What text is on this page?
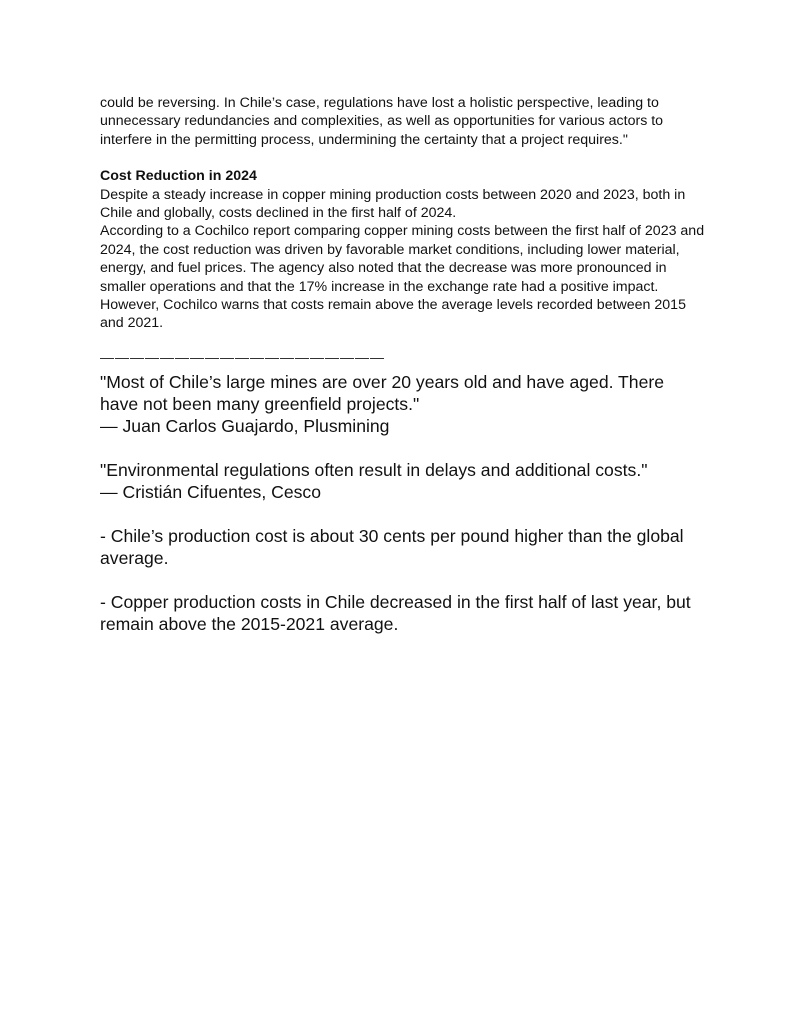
could be reversing. In Chile’s case, regulations have lost a holistic perspective, leading to unnecessary redundancies and complexities, as well as opportunities for various actors to interfere in the permitting process, undermining the certainty that a project requires."

Cost Reduction in 2024

Despite a steady increase in copper mining production costs between 2020 and 2023, both in Chile and globally, costs declined in the first half of 2024.

According to a Cochilco report comparing copper mining costs between the first half of 2023 and 2024, the cost reduction was driven by favorable market conditions, including lower material, energy, and fuel prices. The agency also noted that the decrease was more pronounced in smaller operations and that the 17% increase in the exchange rate had a positive impact.

However, Cochilco warns that costs remain above the average levels recorded between 2015 and 2021.

———————————————————

"Most of Chile’s large mines are over 20 years old and have aged. There have not been many greenfield projects."

— Juan Carlos Guajardo, Plusmining

"Environmental regulations often result in delays and additional costs."

— Cristián Cifuentes, Cesco

- Chile’s production cost is about 30 cents per pound higher than the global average.

- Copper production costs in Chile decreased in the first half of last year, but remain above the 2015-2021 average.
